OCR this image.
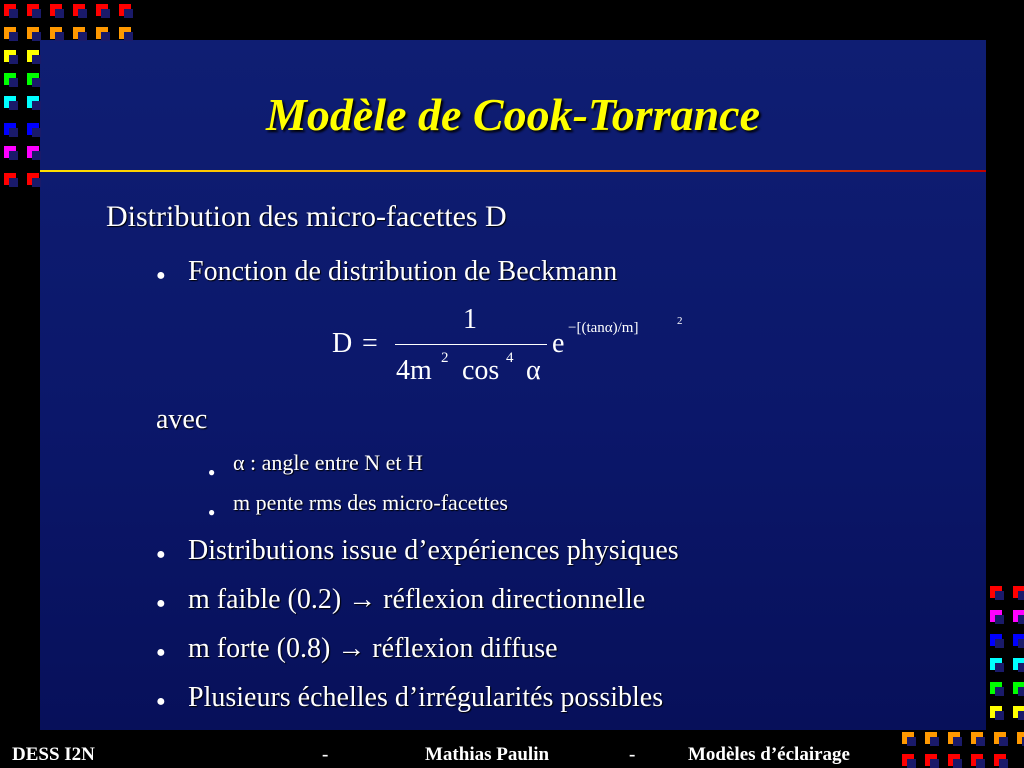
Modèle de Cook-Torrance
Distribution des micro-facettes D
● Fonction de distribution de Beckmann
D =
1
4m 2 cos 4 α
e −[(tanα)/m]	2
avec
● α : angle entre N et H
● m pente rms des micro-facettes
● Distributions issue d’expériences physiques
● m faible (0.2) → réflexion directionnelle
● m forte (0.8) → réflexion diffuse
● Plusieurs échelles d’irrégularités possibles
DESS I2N	-	Mathias Paulin	-	Modèles d’éclairage
